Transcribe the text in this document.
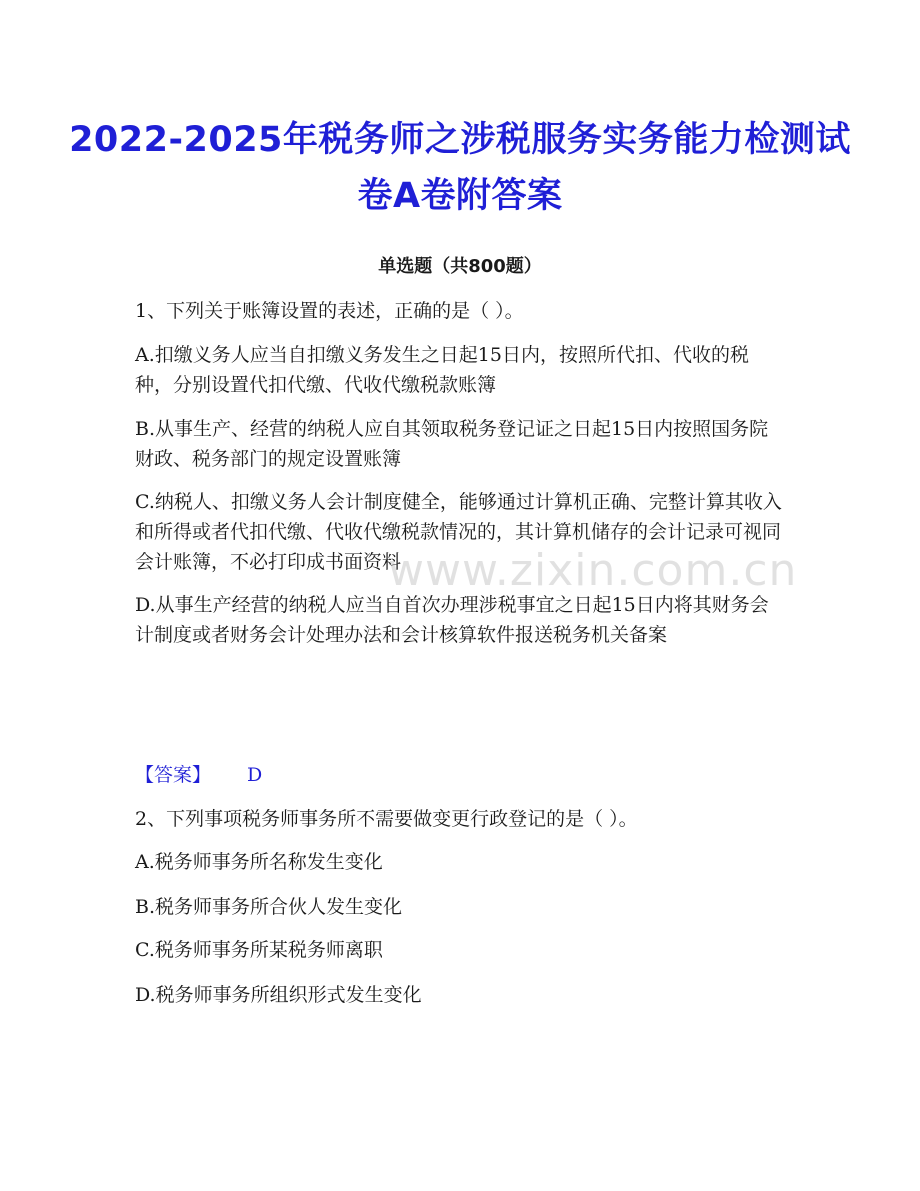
2022-2025年税务师之涉税服务实务能力检测试卷A卷附答案
单选题（共800题）
1、下列关于账簿设置的表述，正确的是（ ）。
A.扣缴义务人应当自扣缴义务发生之日起15日内，按照所代扣、代收的税种，分别设置代扣代缴、代收代缴税款账簿
B.从事生产、经营的纳税人应自其领取税务登记证之日起15日内按照国务院财政、税务部门的规定设置账簿
C.纳税人、扣缴义务人会计制度健全，能够通过计算机正确、完整计算其收入和所得或者代扣代缴、代收代缴税款情况的，其计算机储存的会计记录可视同会计账簿，不必打印成书面资料
D.从事生产经营的纳税人应当自首次办理涉税事宜之日起15日内将其财务会计制度或者财务会计处理办法和会计核算软件报送税务机关备案
【答案】 D
2、下列事项税务师事务所不需要做变更行政登记的是（ ）。
A.税务师事务所名称发生变化
B.税务师事务所合伙人发生变化
C.税务师事务所某税务师离职
D.税务师事务所组织形式发生变化
www.zixin.com.cn
